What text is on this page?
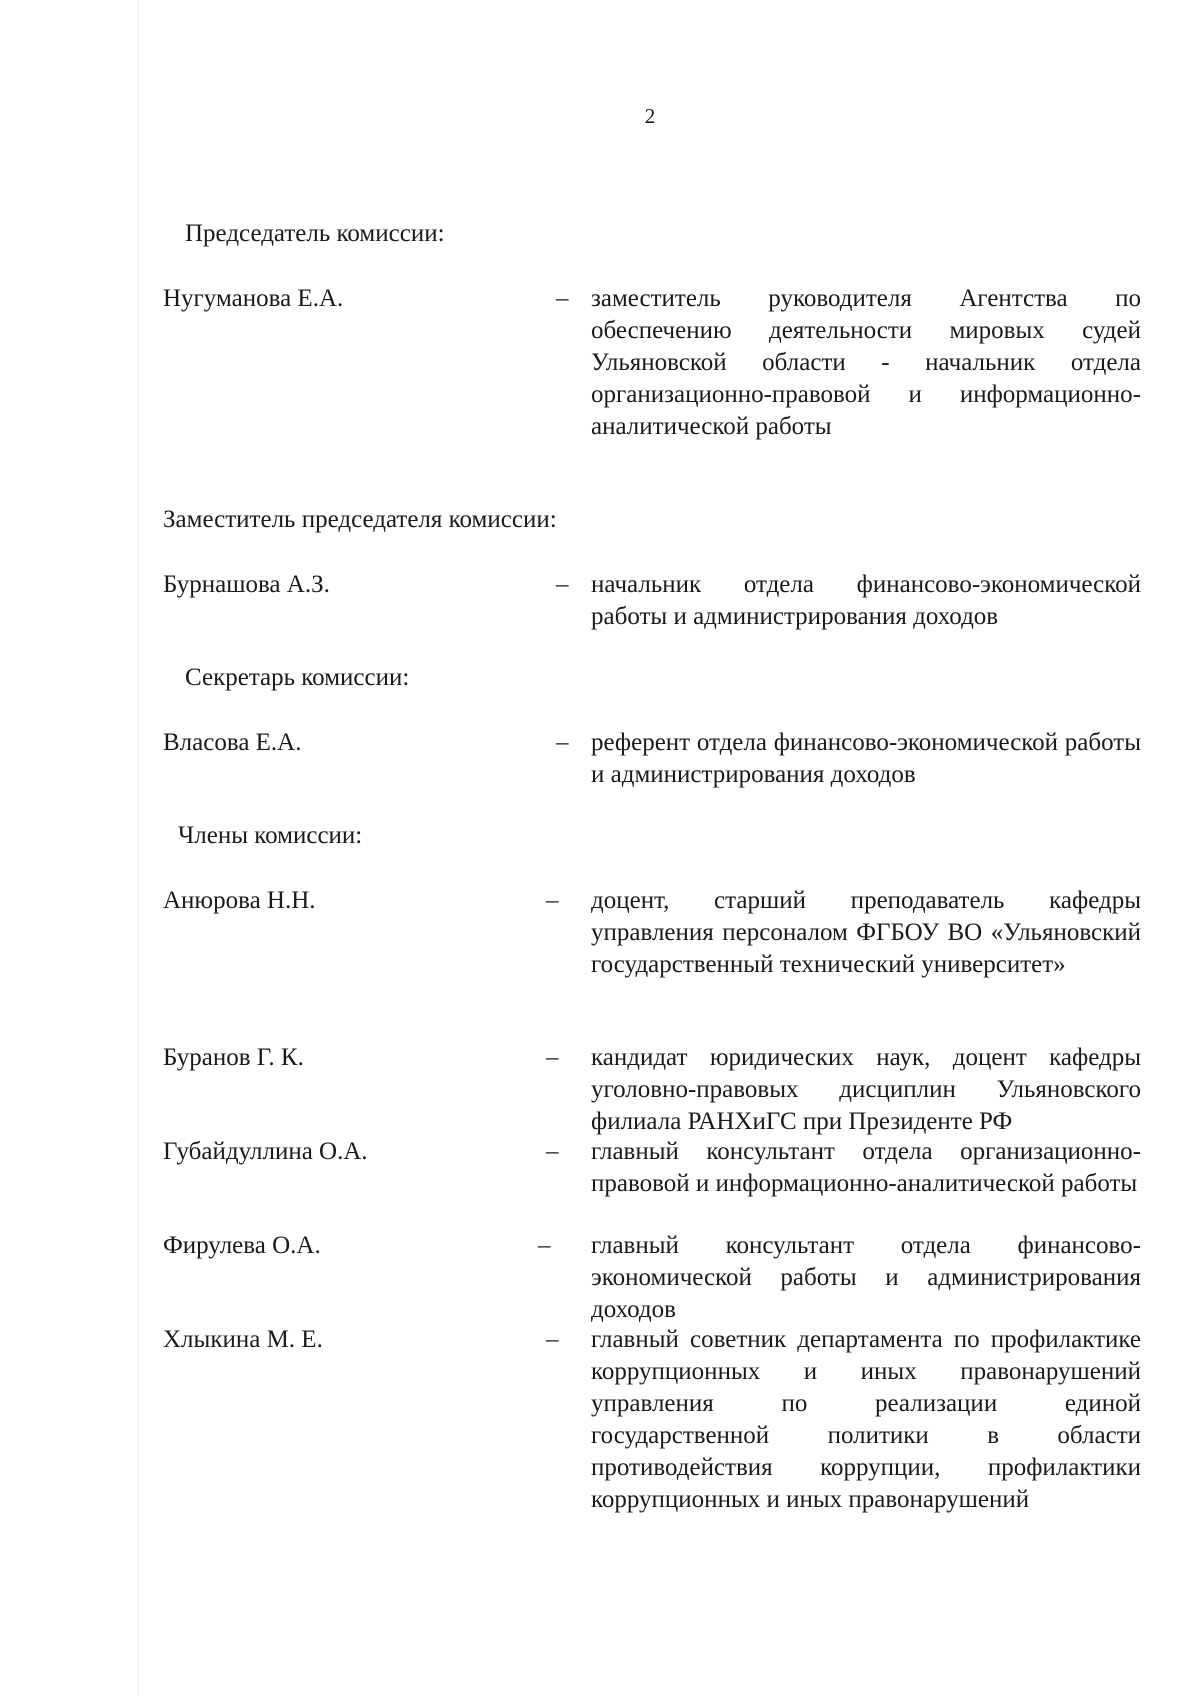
2
Председатель комиссии:
Нугуманова Е.А.	– заместитель руководителя Агентства по обеспечению деятельности мировых судей Ульяновской области - начальник отдела организационно-правовой и информационно-аналитической работы
Заместитель председателя комиссии:
Бурнашова А.З.	– начальник отдела финансово-экономической работы и администрирования доходов
Секретарь комиссии:
Власова Е.А.	– референт отдела финансово-экономической работы и администрирования доходов
Члены комиссии:
Анюрова Н.Н.	– доцент, старший преподаватель кафедры управления персоналом ФГБОУ ВО «Ульяновский государственный технический университет»
Буранов Г. К.	– кандидат юридических наук, доцент кафедры уголовно-правовых дисциплин Ульяновского филиала РАНХиГС при Президенте РФ
Губайдуллина О.А.	– главный консультант отдела организационно-правовой и информационно-аналитической работы
Фирулева О.А.	– главный консультант отдела финансово-экономической работы и администрирования доходов
Хлыкина М. Е.	– главный советник департамента по профилактике коррупционных и иных правонарушений управления по реализации единой государственной политики в области противодействия коррупции, профилактики коррупционных и иных правонарушений
